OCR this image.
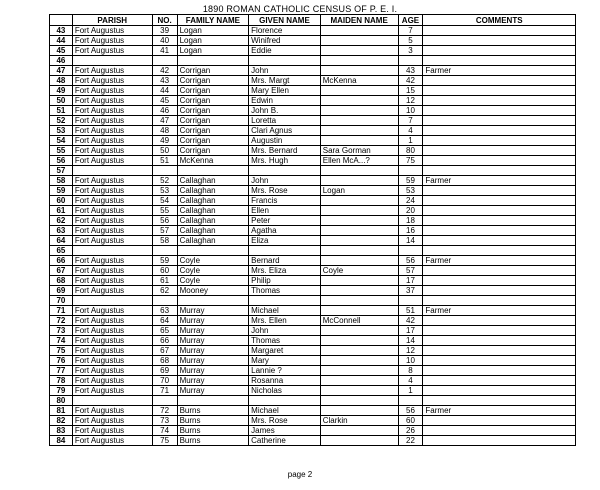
1890 ROMAN CATHOLIC CENSUS OF P. E. I.
	PARISH	NO.	FAMILY NAME	GIVEN NAME	MAIDEN NAME	AGE	COMMENTS
43	Fort Augustus	39	Logan	Florence		7	
44	Fort Augustus	40	Logan	Winifred		5	
45	Fort Augustus	41	Logan	Eddie		3	
46							
47	Fort Augustus	42	Corrigan	John		43	Farmer
48	Fort Augustus	43	Corrigan	Mrs. Margt	McKenna	42	
49	Fort Augustus	44	Corrigan	Mary Ellen		15	
50	Fort Augustus	45	Corrigan	Edwin		12	
51	Fort Augustus	46	Corrigan	John B.		10	
52	Fort Augustus	47	Corrigan	Loretta		7	
53	Fort Augustus	48	Corrigan	Clari Agnus		4	
54	Fort Augustus	49	Corrigan	Augustin		1	
55	Fort Augustus	50	Corrigan	Mrs. Bernard	Sara Gorman	80	
56	Fort Augustus	51	McKenna	Mrs. Hugh	Ellen McA...?	75	
57							
58	Fort Augustus	52	Callaghan	John		59	Farmer
59	Fort Augustus	53	Callaghan	Mrs. Rose	Logan	53	
60	Fort Augustus	54	Callaghan	Francis		24	
61	Fort Augustus	55	Callaghan	Ellen		20	
62	Fort Augustus	56	Callaghan	Peter		18	
63	Fort Augustus	57	Callaghan	Agatha		16	
64	Fort Augustus	58	Callaghan	Eliza		14	
65							
66	Fort Augustus	59	Coyle	Bernard		56	Farmer
67	Fort Augustus	60	Coyle	Mrs. Eliza	Coyle	57	
68	Fort Augustus	61	Coyle	Philip		17	
69	Fort Augustus	62	Mooney	Thomas		37	
70							
71	Fort Augustus	63	Murray	Michael		51	Farmer
72	Fort Augustus	64	Murray	Mrs. Ellen	McConnell	42	
73	Fort Augustus	65	Murray	John		17	
74	Fort Augustus	66	Murray	Thomas		14	
75	Fort Augustus	67	Murray	Margaret		12	
76	Fort Augustus	68	Murray	Mary		10	
77	Fort Augustus	69	Murray	Lannie ?		8	
78	Fort Augustus	70	Murray	Rosanna		4	
79	Fort Augustus	71	Murray	Nicholas		1	
80							
81	Fort Augustus	72	Burns	Michael		56	Farmer
82	Fort Augustus	73	Burns	Mrs. Rose	Clarkin	60	
83	Fort Augustus	74	Burns	James		26	
84	Fort Augustus	75	Burns	Catherine		22	
page 2
